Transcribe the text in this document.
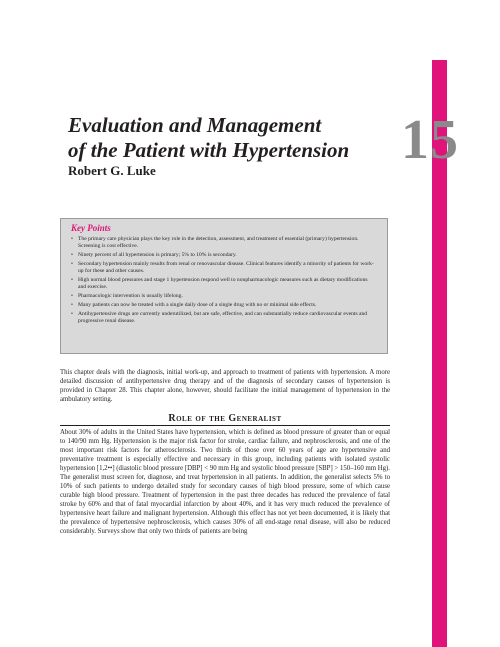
15
Evaluation and Management
of the Patient with Hypertension
Robert G. Luke
Key Points
• The primary care physician plays the key role in the detection, assessment, and treatment of essential (primary) hypertension. Screening is cost effective.
• Ninety percent of all hypertension is primary; 5% to 10% is secondary.
• Secondary hypertension mainly results from renal or renovascular disease. Clinical features identify a minority of patients for work-up for these and other causes.
• High normal blood pressures and stage 1 hypertension respond well to nonpharmacologic measures such as dietary modifications and exercise.
• Pharmacologic intervention is usually lifelong.
• Many patients can now be treated with a single daily dose of a single drug with no or minimal side effects.
• Antihypertensive drugs are currently underutilized, but are safe, effective, and can substantially reduce cardiovascular events and progressive renal disease.

This chapter deals with the diagnosis, initial work-up, and approach to treatment of patients with hypertension. A more detailed discussion of antihypertensive drug therapy and of the diagnosis of secondary causes of hypertension is provided in Chapter 28. This chapter alone, however, should facilitate the initial management of hypertension in the ambulatory setting.

Role of the Generalist

About 30% of adults in the United States have hypertension, which is defined as blood pressure of greater than or equal to 140/90 mm Hg. Hypertension is the major risk factor for stroke, cardiac failure, and nephrosclerosis, and one of the most important risk factors for atherosclerosis. Two thirds of those over 60 years of age are hypertensive and preventative treatment is especially effective and necessary in this group, including patients with isolated systolic hypertension [1,2••] (diastolic blood pressure [DBP] < 90 mm Hg and systolic blood pressure [SBP] > 150–160 mm Hg). The generalist must screen for, diagnose, and treat hypertension in all patients. In addition, the generalist selects 5% to 10% of such patients to undergo detailed study for secondary causes of high blood pressure, some of which cause curable high blood pressure. Treatment of hypertension in the past three decades has reduced the prevalence of fatal stroke by 60% and that of fatal myocardial infarction by about 40%, and it has very much reduced the prevalence of hypertensive heart failure and malignant hypertension. Although this effect has not yet been documented, it is likely that the prevalence of hypertensive nephrosclerosis, which causes 30% of all end-stage renal disease, will also be reduced considerably. Surveys show that only two thirds of patients are being
